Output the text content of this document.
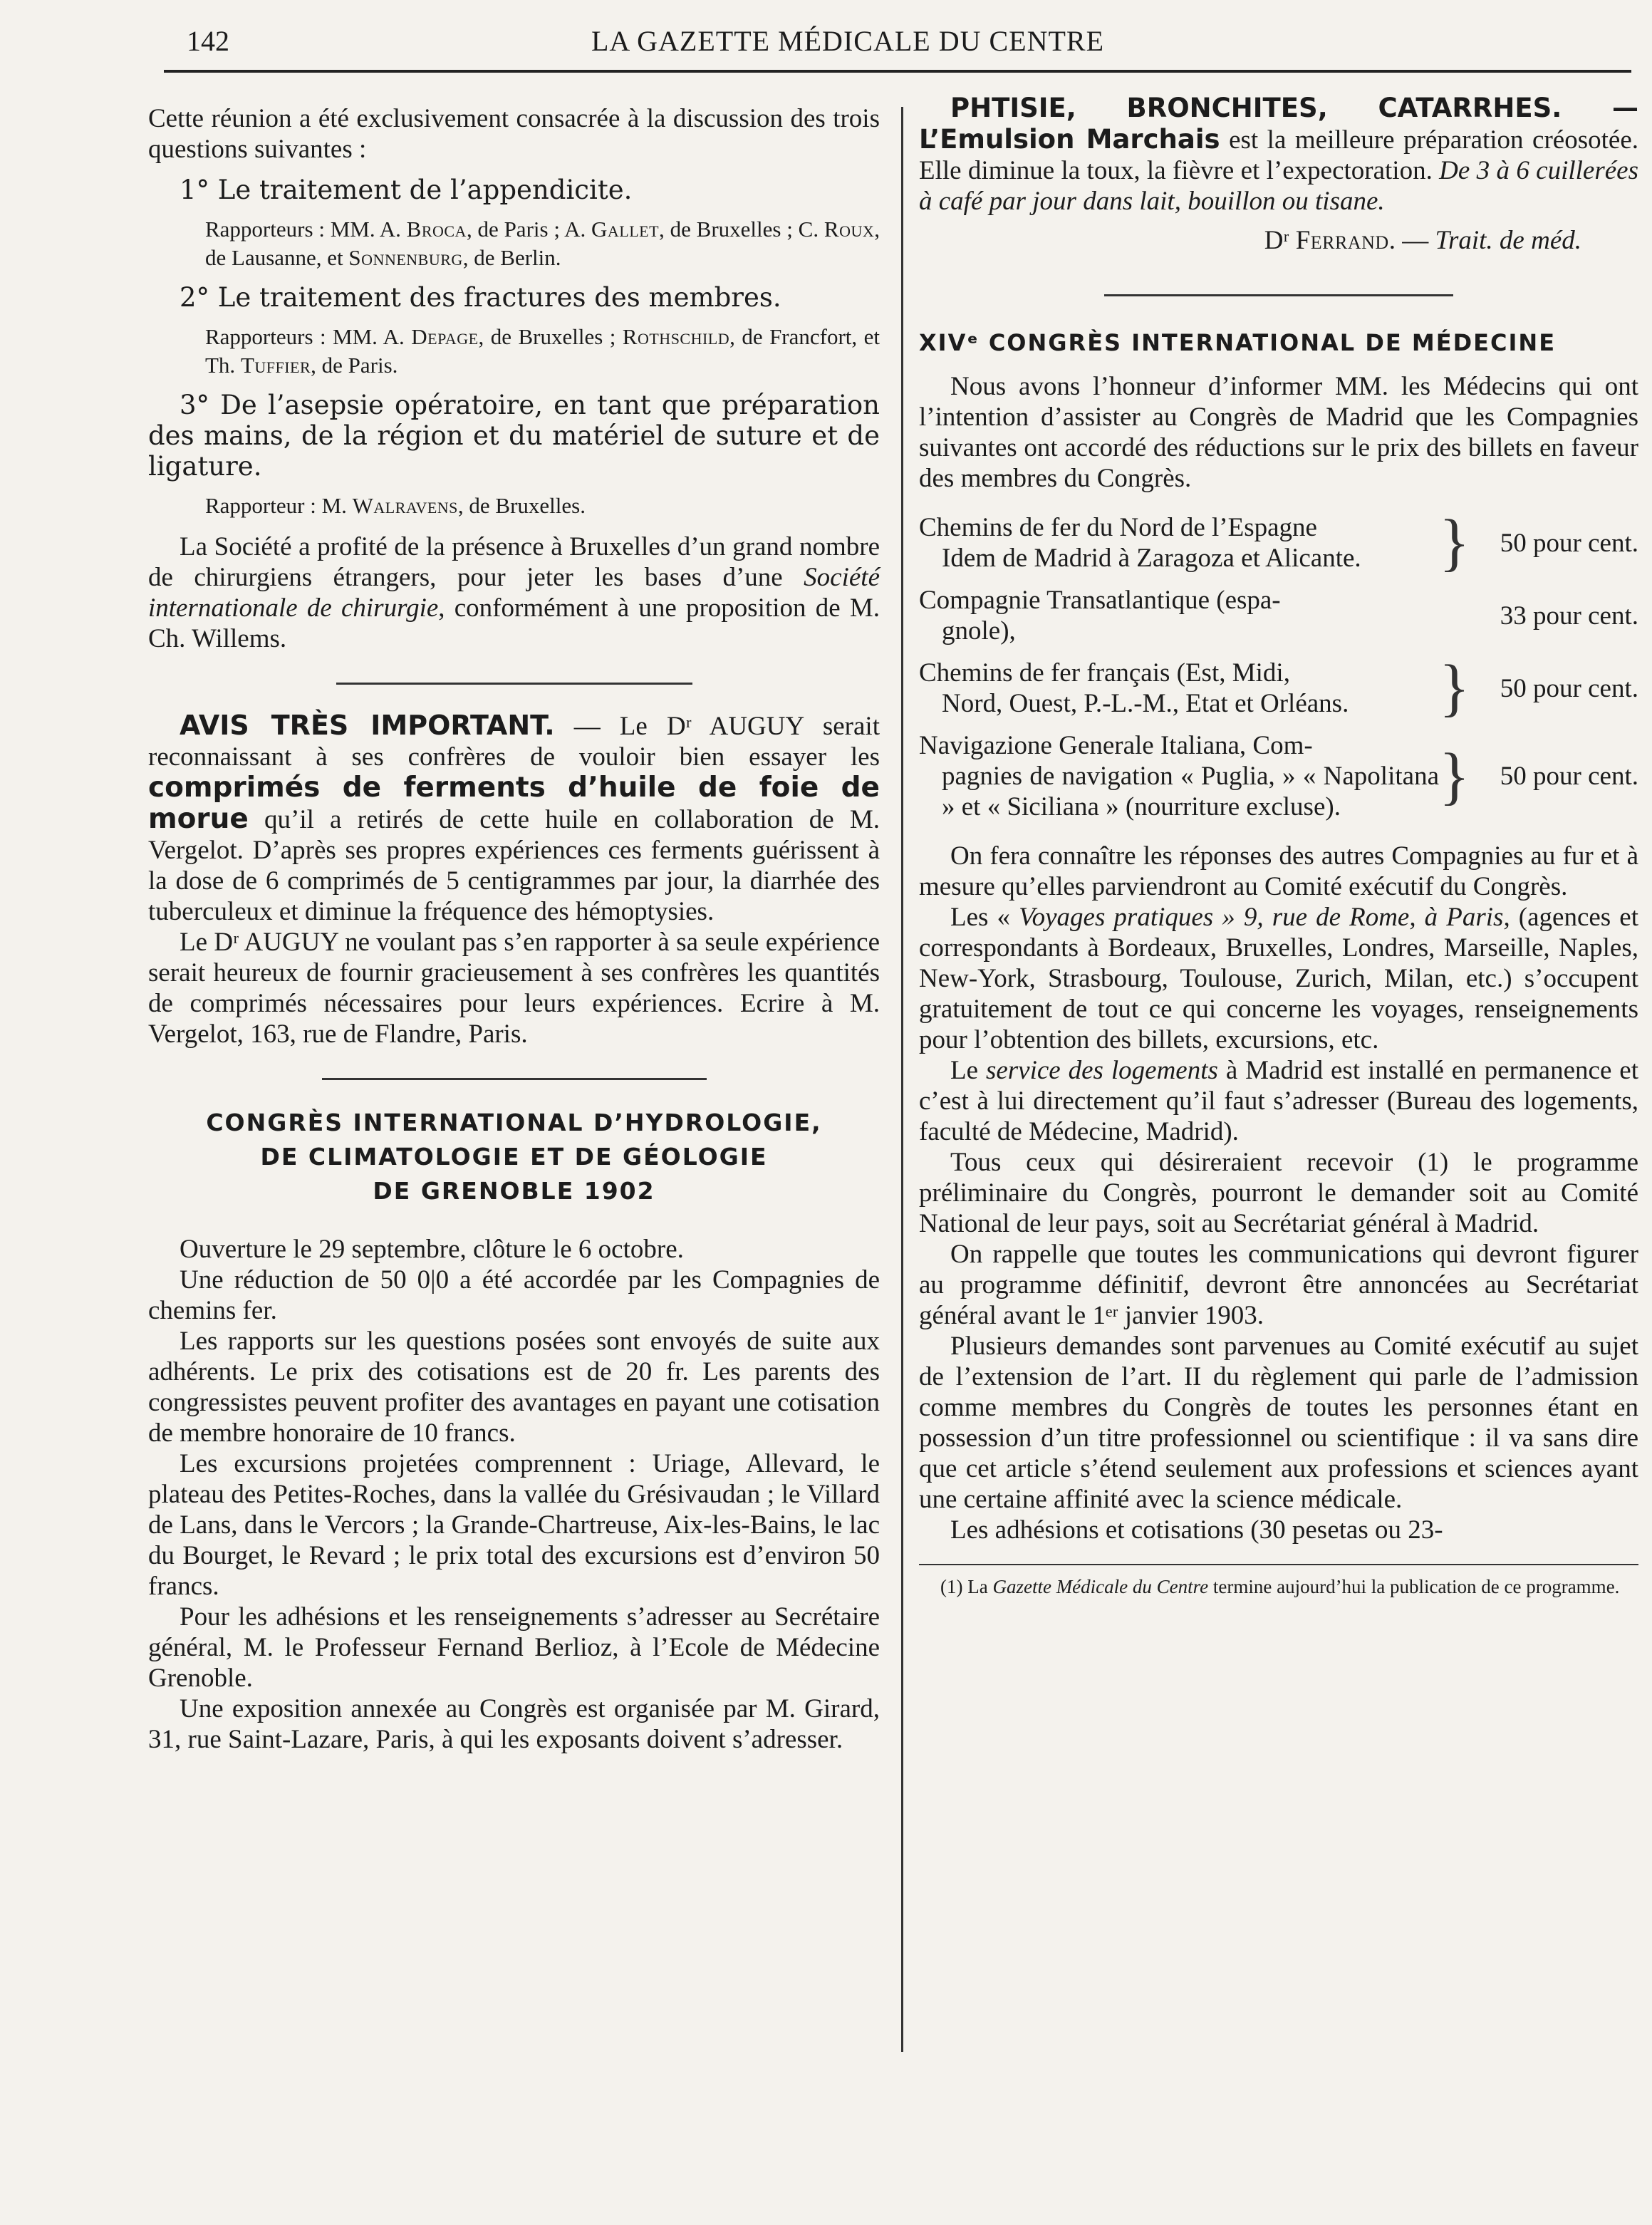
142	LA GAZETTE MÉDICALE DU CENTRE

Cette réunion a été exclusivement consacrée à la discussion des trois questions suivantes :

1° Le traitement de l’appendicite.

Rapporteurs : MM. A. Broca, de Paris ; A. Gallet, de Bruxelles ; C. Roux, de Lausanne, et Sonnenburg, de Berlin.

2° Le traitement des fractures des membres.

Rapporteurs : MM. A. Depage, de Bruxelles ; Rothschild, de Francfort, et Th. Tuffier, de Paris.

3° De l’asepsie opératoire, en tant que préparation des mains, de la région et du matériel de suture et de ligature.

Rapporteur : M. Walravens, de Bruxelles.

La Société a profité de la présence à Bruxelles d’un grand nombre de chirurgiens étrangers, pour jeter les bases d’une Société internationale de chirurgie, conformément à une proposition de M. Ch. Willems.

AVIS TRÈS IMPORTANT. — Le Dʳ AUGUY serait reconnaissant à ses confrères de vouloir bien essayer les comprimés de ferments d’huile de foie de morue qu’il a retirés de cette huile en collaboration de M. Vergelot. D’après ses propres expériences ces ferments guérissent à la dose de 6 comprimés de 5 centigrammes par jour, la diarrhée des tuberculeux et diminue la fréquence des hémoptysies.

Le Dʳ AUGUY ne voulant pas s’en rapporter à sa seule expérience serait heureux de fournir gracieusement à ses confrères les quantités de comprimés nécessaires pour leurs expériences. Ecrire à M. Vergelot, 163, rue de Flandre, Paris.

CONGRÈS INTERNATIONAL D’HYDROLOGIE,
DE CLIMATOLOGIE ET DE GÉOLOGIE
DE GRENOBLE 1902

Ouverture le 29 septembre, clôture le 6 octobre.

Une réduction de 50 0|0 a été accordée par les Compagnies de chemins fer.

Les rapports sur les questions posées sont envoyés de suite aux adhérents. Le prix des cotisations est de 20 fr. Les parents des congressistes peuvent profiter des avantages en payant une cotisation de membre honoraire de 10 francs.

Les excursions projetées comprennent : Uriage, Allevard, le plateau des Petites-Roches, dans la vallée du Grésivaudan ; le Villard de Lans, dans le Vercors ; la Grande-Chartreuse, Aix-les-Bains, le lac du Bourget, le Revard ; le prix total des excursions est d’environ 50 francs.

Pour les adhésions et les renseignements s’adresser au Secrétaire général, M. le Professeur Fernand Berlioz, à l’Ecole de Médecine Grenoble.

Une exposition annexée au Congrès est organisée par M. Girard, 31, rue Saint-Lazare, Paris, à qui les exposants doivent s’adresser.

PHTISIE, BRONCHITES, CATARRHES. — L’Emulsion Marchais est la meilleure préparation créosotée. Elle diminue la toux, la fièvre et l’expectoration. De 3 à 6 cuillerées à café par jour dans lait, bouillon ou tisane.

Dʳ Ferrand. — Trait. de méd.

XIVᵉ CONGRÈS INTERNATIONAL DE MÉDECINE

Nous avons l’honneur d’informer MM. les Médecins qui ont l’intention d’assister au Congrès de Madrid que les Compagnies suivantes ont accordé des réductions sur le prix des billets en faveur des membres du Congrès.

Chemins de fer du Nord de l’Espagne
Idem de Madrid à Zaragoza et Alicante.	}	50 pour cent.
Compagnie Transatlantique (espa-
gnole),		33 pour cent.
Chemins de fer français (Est, Midi,
Nord, Ouest, P.-L.-M., Etat et Orléans.	}	50 pour cent.
Navigazione Generale Italiana, Com-
pagnies de navigation « Puglia, » « Napolitana » et « Siciliana » (nourriture excluse).	}	50 pour cent.

On fera connaître les réponses des autres Compagnies au fur et à mesure qu’elles parviendront au Comité exécutif du Congrès.

Les « Voyages pratiques » 9, rue de Rome, à Paris, (agences et correspondants à Bordeaux, Bruxelles, Londres, Marseille, Naples, New-York, Strasbourg, Toulouse, Zurich, Milan, etc.) s’occupent gratuitement de tout ce qui concerne les voyages, renseignements pour l’obtention des billets, excursions, etc.

Le service des logements à Madrid est installé en permanence et c’est à lui directement qu’il faut s’adresser (Bureau des logements, faculté de Médecine, Madrid).

Tous ceux qui désireraient recevoir (1) le programme préliminaire du Congrès, pourront le demander soit au Comité National de leur pays, soit au Secrétariat général à Madrid.

On rappelle que toutes les communications qui devront figurer au programme définitif, devront être annoncées au Secrétariat général avant le 1ᵉʳ janvier 1903.

Plusieurs demandes sont parvenues au Comité exécutif au sujet de l’extension de l’art. II du règlement qui parle de l’admission comme membres du Congrès de toutes les personnes étant en possession d’un titre professionnel ou scientifique : il va sans dire que cet article s’étend seulement aux professions et sciences ayant une certaine affinité avec la science médicale.

Les adhésions et cotisations (30 pesetas ou 23-

(1) La Gazette Médicale du Centre termine aujourd’hui la publication de ce programme.
